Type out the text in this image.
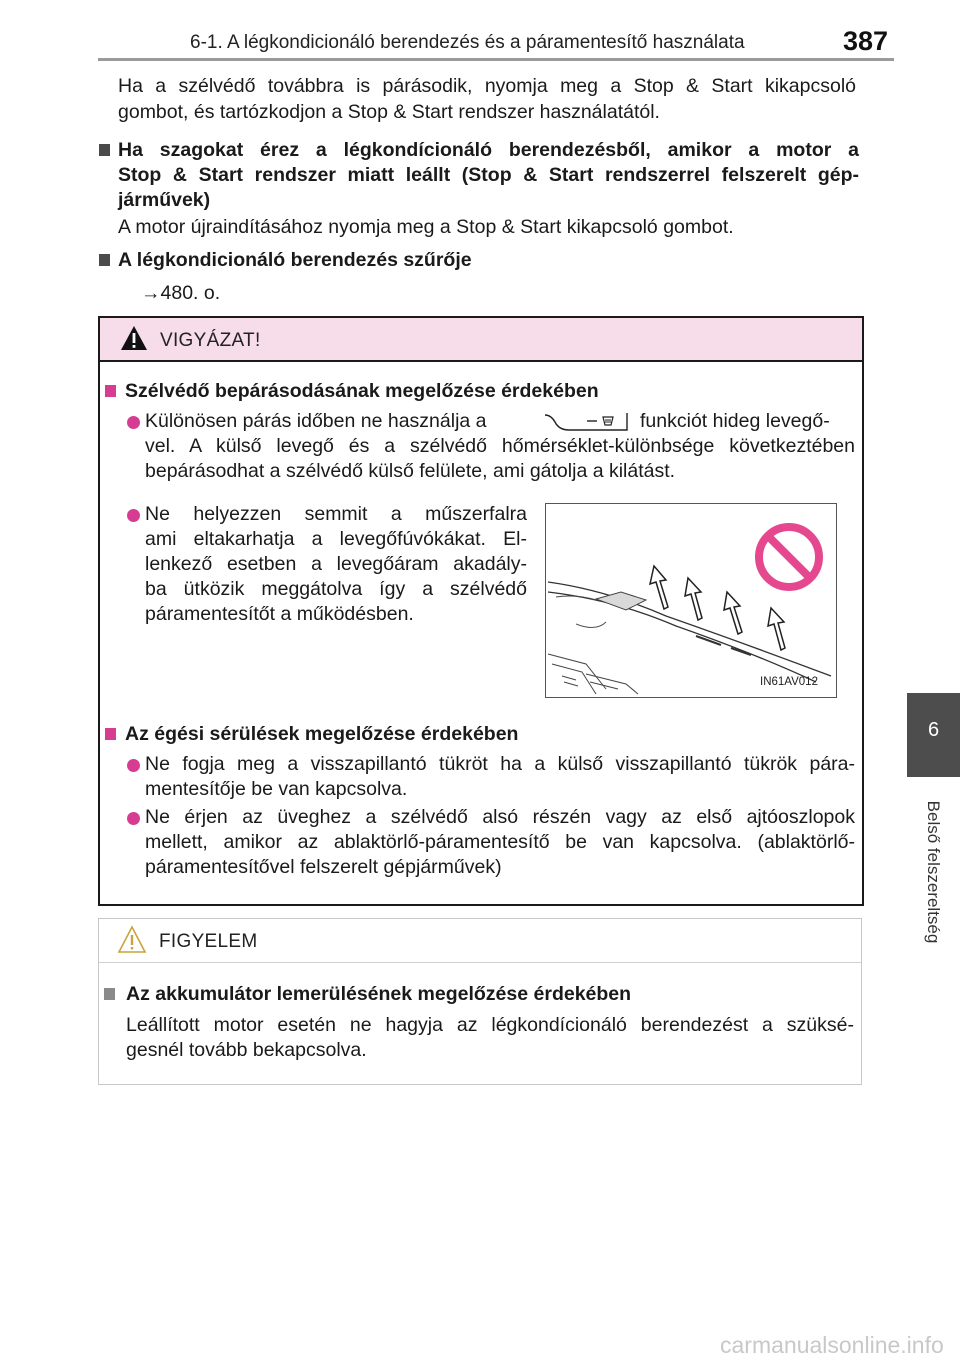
6-1. A légkondicionáló berendezés és a páramentesítő használata	387
6
Belső felszereltség
Ha a szélvédő továbbra is párásodik, nyomja meg a Stop & Start kikapcsoló
gombot, és tartózkodjon a Stop & Start rendszer használatától.
Ha szagokat érez a légkondícionáló berendezésből, amikor a motor a
Stop & Start rendszer miatt leállt (Stop & Start rendszerrel felszerelt gép-
járművek)
A motor újraindításához nyomja meg a Stop & Start kikapcsoló gombot.
A légkondicionáló berendezés szűrője
→480. o.
VIGYÁZAT!
Szélvédő bepárásodásának megelőzése érdekében
Különösen párás időben ne használja a	funkciót hideg levegő-
vel. A külső levegő és a szélvédő hőmérséklet-különbsége következtében
bepárásodhat a szélvédő külső felülete, ami gátolja a kilátást.
Ne helyezzen semmit a műszerfalra
ami eltakarhatja a levegőfúvókákat. El-
lenkező esetben a levegőáram akadály-
ba ütközik meggátolva így a szélvédő
páramentesítőt a működésben.
Az égési sérülések megelőzése érdekében
Ne fogja meg a visszapillantó tükröt ha a külső visszapillantó tükrök pára-
mentesítője be van kapcsolva.
Ne érjen az üveghez a szélvédő alsó részén vagy az első ajtóoszlopok
mellett, amikor az ablaktörlő-páramentesítő be van kapcsolva. (ablaktörlő-
páramentesítővel felszerelt gépjárművek)
IN61AV012
FIGYELEM
Az akkumulátor lemerülésének megelőzése érdekében
Leállított motor esetén ne hagyja az légkondícionáló berendezést a szüksé-
gesnél tovább bekapcsolva.
carmanualsonline.info
